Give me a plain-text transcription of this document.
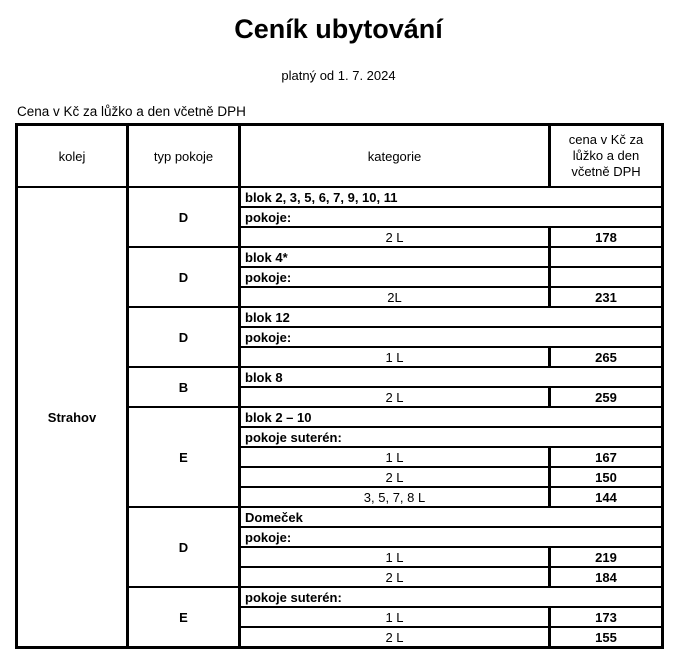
Ceník ubytování
platný od 1. 7. 2024
Cena v Kč za lůžko a den včetně DPH
kolej	typ pokoje	kategorie	cena v Kč za lůžko a den včetně DPH
Strahov	D	blok 2, 3, 5, 6, 7, 9, 10, 11	
		pokoje:	
		2 L	178
	D	blok 4*	
		pokoje:	
		2L	231
	D	blok 12	
		pokoje:	
		1 L	265
	B	blok 8	
		2 L	259
	E	blok 2 – 10	
		pokoje suterén:	
		1 L	167
		2 L	150
		3, 5, 7, 8 L	144
	D	Domeček	
		pokoje:	
		1 L	219
		2 L	184
	E	pokoje suterén:	
		1 L	173
		2 L	155
